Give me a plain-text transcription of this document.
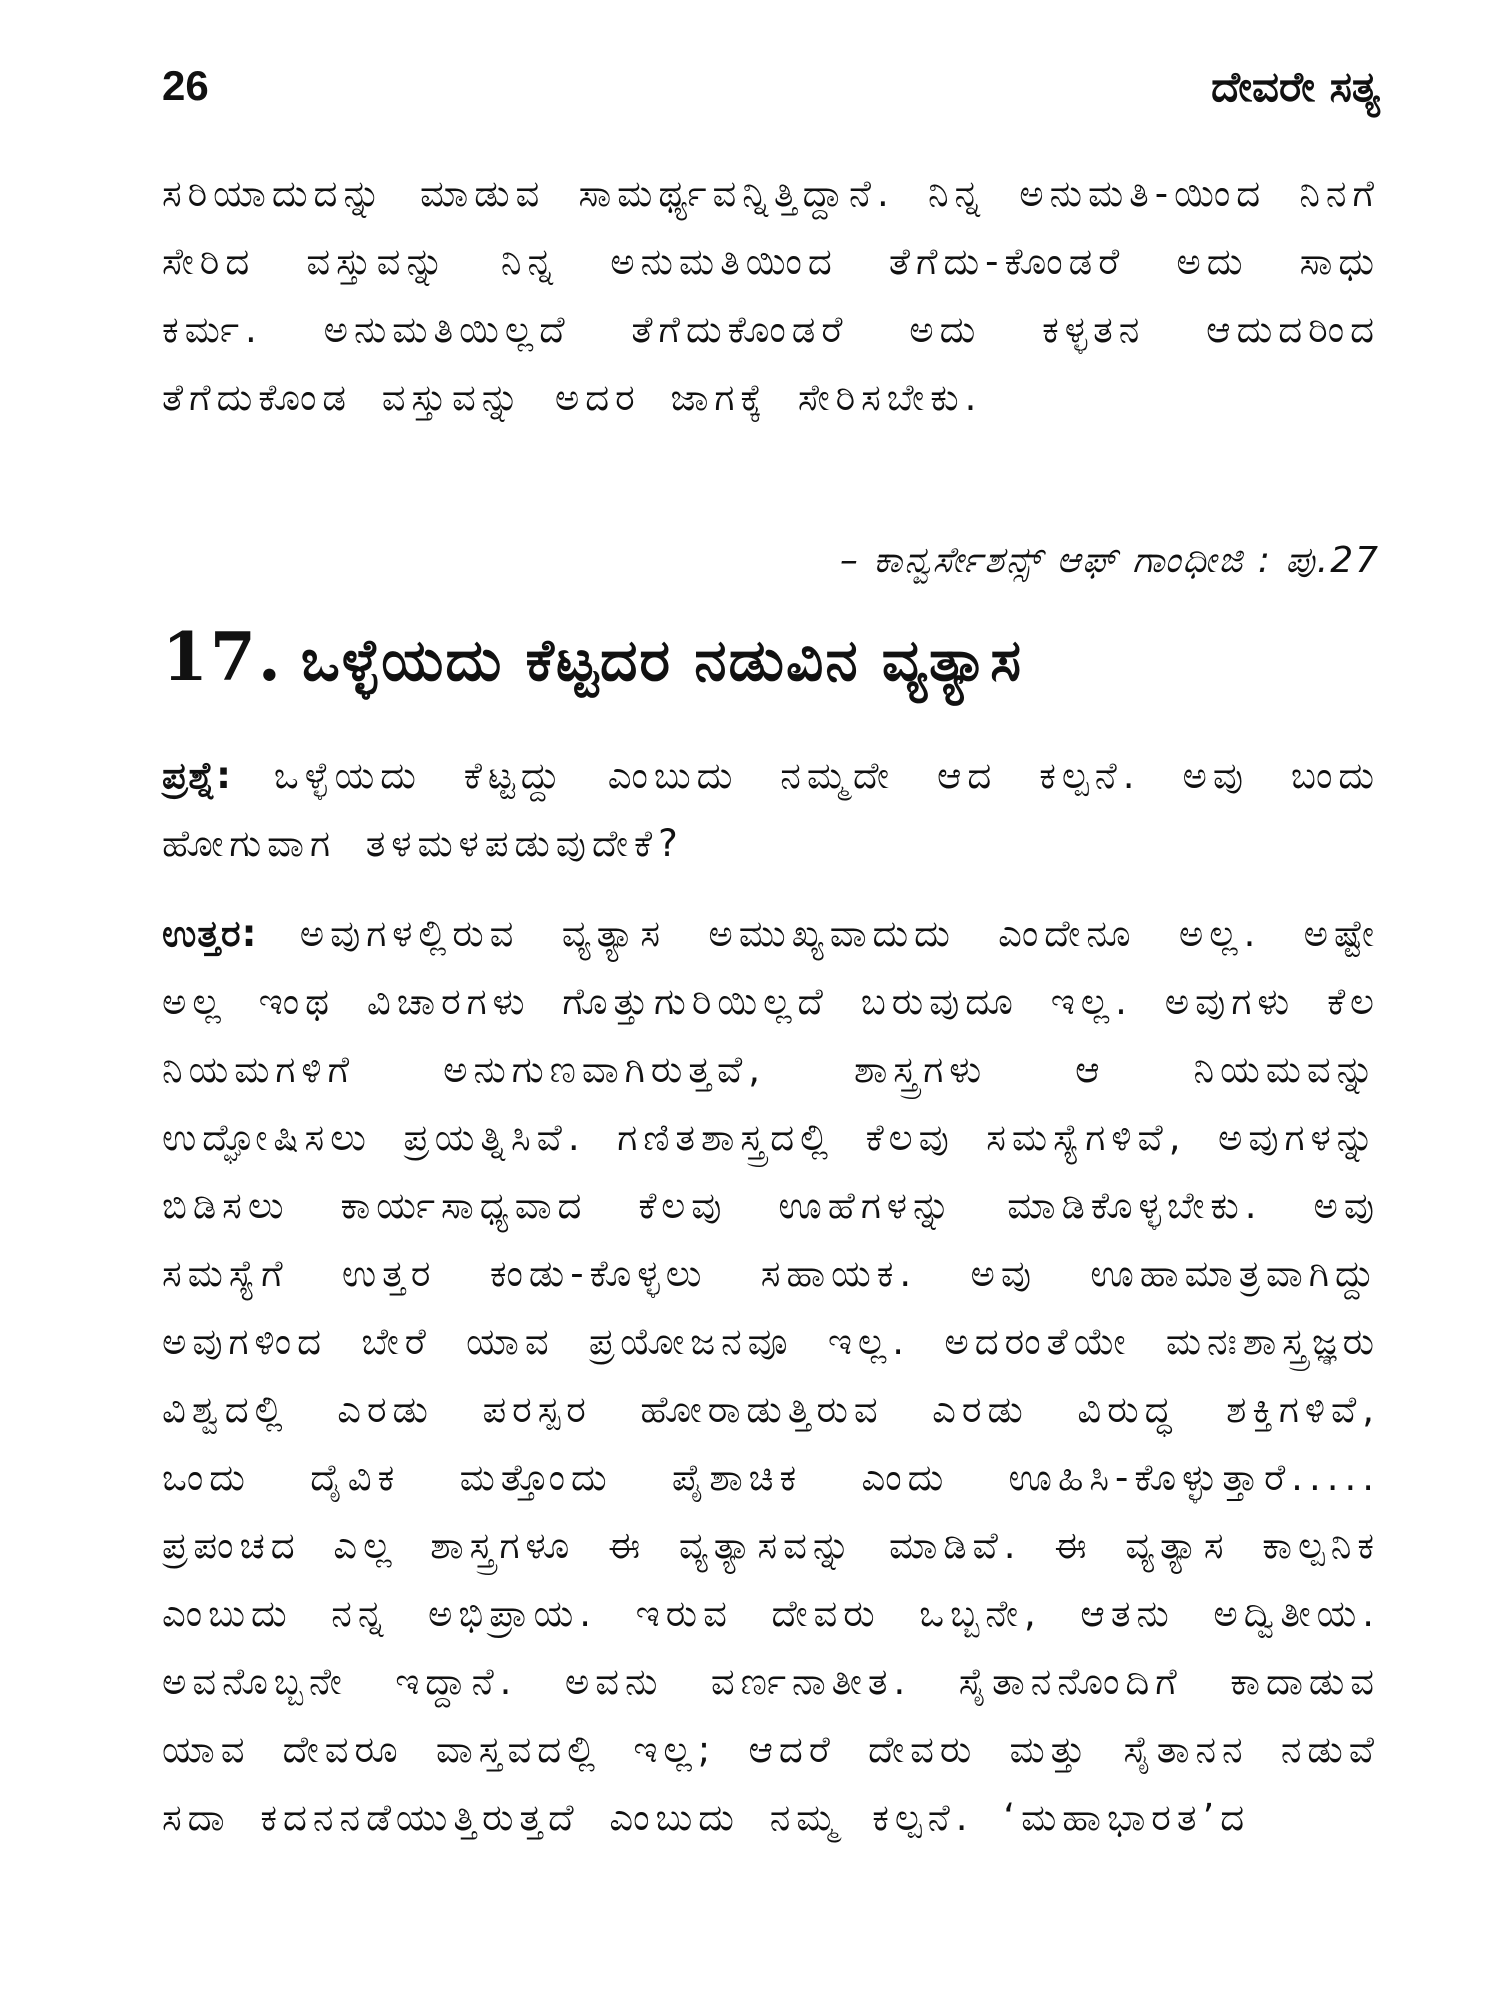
26	ದೇವರೇ ಸತ್ಯ

ಸರಿಯಾದುದನ್ನು ಮಾಡುವ ಸಾಮರ್ಥ್ಯವನ್ನಿತ್ತಿದ್ದಾನೆ. ನಿನ್ನ ಅನುಮತಿ-ಯಿಂದ ನಿನಗೆ ಸೇರಿದ ವಸ್ತುವನ್ನು ನಿನ್ನ ಅನುಮತಿಯಿಂದ ತೆಗೆದು-ಕೊಂಡರೆ ಅದು ಸಾಧು ಕರ್ಮ. ಅನುಮತಿಯಿಲ್ಲದೆ ತೆಗೆದುಕೊಂಡರೆ ಅದು ಕಳ್ಳತನ ಆದುದರಿಂದ ತೆಗೆದುಕೊಂಡ ವಸ್ತುವನ್ನು ಅದರ ಜಾಗಕ್ಕೆ ಸೇರಿಸಬೇಕು.

– ಕಾನ್ವರ್ಸೇಶನ್ಸ್ ಆಫ್ ಗಾಂಧೀಜಿ : ಪು.27
17. ಒಳ್ಳೆಯದು ಕೆಟ್ಟದರ ನಡುವಿನ ವ್ಯತ್ಯಾಸ

ಪ್ರಶ್ನೆ: ಒಳ್ಳೆಯದು ಕೆಟ್ಟದ್ದು ಎಂಬುದು ನಮ್ಮದೇ ಆದ ಕಲ್ಪನೆ. ಅವು ಬಂದು ಹೋಗುವಾಗ ತಳಮಳಪಡುವುದೇಕೆ?

ಉತ್ತರ: ಅವುಗಳಲ್ಲಿರುವ ವ್ಯತ್ಯಾಸ ಅಮುಖ್ಯವಾದುದು ಎಂದೇನೂ ಅಲ್ಲ. ಅಷ್ಟೇ ಅಲ್ಲ ಇಂಥ ವಿಚಾರಗಳು ಗೊತ್ತುಗುರಿಯಿಲ್ಲದೆ ಬರುವುದೂ ಇಲ್ಲ. ಅವುಗಳು ಕೆಲ ನಿಯಮಗಳಿಗೆ ಅನುಗುಣವಾಗಿರುತ್ತವೆ, ಶಾಸ್ತ್ರಗಳು ಆ ನಿಯಮವನ್ನು ಉದ್ಘೋಷಿಸಲು ಪ್ರಯತ್ನಿಸಿವೆ. ಗಣಿತಶಾಸ್ತ್ರದಲ್ಲಿ ಕೆಲವು ಸಮಸ್ಯೆಗಳಿವೆ, ಅವುಗಳನ್ನು ಬಿಡಿಸಲು ಕಾರ್ಯಸಾಧ್ಯವಾದ ಕೆಲವು ಊಹೆಗಳನ್ನು ಮಾಡಿಕೊಳ್ಳಬೇಕು. ಅವು ಸಮಸ್ಯೆಗೆ ಉತ್ತರ ಕಂಡು-ಕೊಳ್ಳಲು ಸಹಾಯಕ. ಅವು ಊಹಾಮಾತ್ರವಾಗಿದ್ದು ಅವುಗಳಿಂದ ಬೇರೆ ಯಾವ ಪ್ರಯೋಜನವೂ ಇಲ್ಲ. ಅದರಂತೆಯೇ ಮನಃಶಾಸ್ತ್ರಜ್ಞರು ವಿಶ್ವದಲ್ಲಿ ಎರಡು ಪರಸ್ಪರ ಹೋರಾಡುತ್ತಿರುವ ಎರಡು ವಿರುದ್ಧ ಶಕ್ತಿಗಳಿವೆ, ಒಂದು ದೈವಿಕ ಮತ್ತೊಂದು ಪೈಶಾಚಿಕ ಎಂದು ಊಹಿಸಿ-ಕೊಳ್ಳುತ್ತಾರೆ..... ಪ್ರಪಂಚದ ಎಲ್ಲ ಶಾಸ್ತ್ರಗಳೂ ಈ ವ್ಯತ್ಯಾಸವನ್ನು ಮಾಡಿವೆ. ಈ ವ್ಯತ್ಯಾಸ ಕಾಲ್ಪನಿಕ ಎಂಬುದು ನನ್ನ ಅಭಿಪ್ರಾಯ. ಇರುವ ದೇವರು ಒಬ್ಬನೇ, ಆತನು ಅದ್ವಿತೀಯ. ಅವನೊಬ್ಬನೇ ಇದ್ದಾನೆ. ಅವನು ವರ್ಣನಾತೀತ. ಸೈತಾನನೊಂದಿಗೆ ಕಾದಾಡುವ ಯಾವ ದೇವರೂ ವಾಸ್ತವದಲ್ಲಿ ಇಲ್ಲ; ಆದರೆ ದೇವರು ಮತ್ತು ಸೈತಾನನ ನಡುವೆ ಸದಾ ಕದನನಡೆಯುತ್ತಿರುತ್ತದೆ ಎಂಬುದು ನಮ್ಮ ಕಲ್ಪನೆ. ‘ಮಹಾಭಾರತ’ದ
